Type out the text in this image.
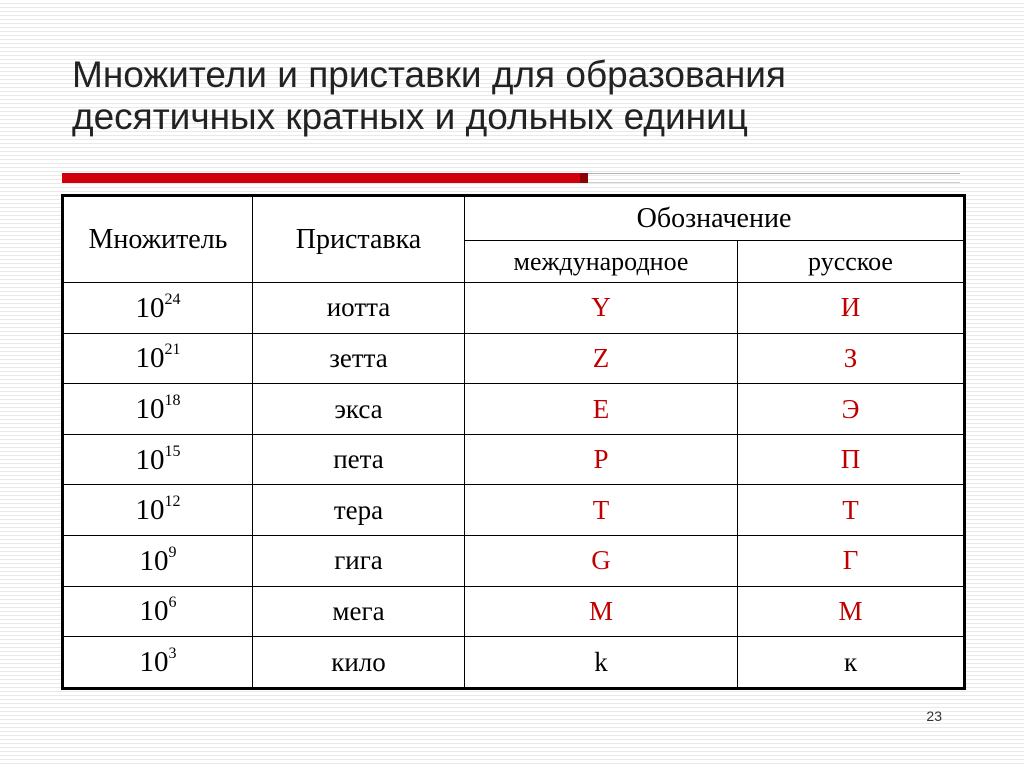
Множители и приставки для образования
десятичных кратных и дольных единиц
Множитель	Приставка	Обозначение	
		международное	русское
$10^{24}$	иотта	Y	И
$10^{21}$	зетта	Z	З
$10^{18}$	экса	E	Э
$10^{15}$	пета	P	П
$10^{12}$	тера	T	Т
$10^9$	гига	G	Г
$10^6$	мега	M	М
$10^3$	кило	k	к
23
